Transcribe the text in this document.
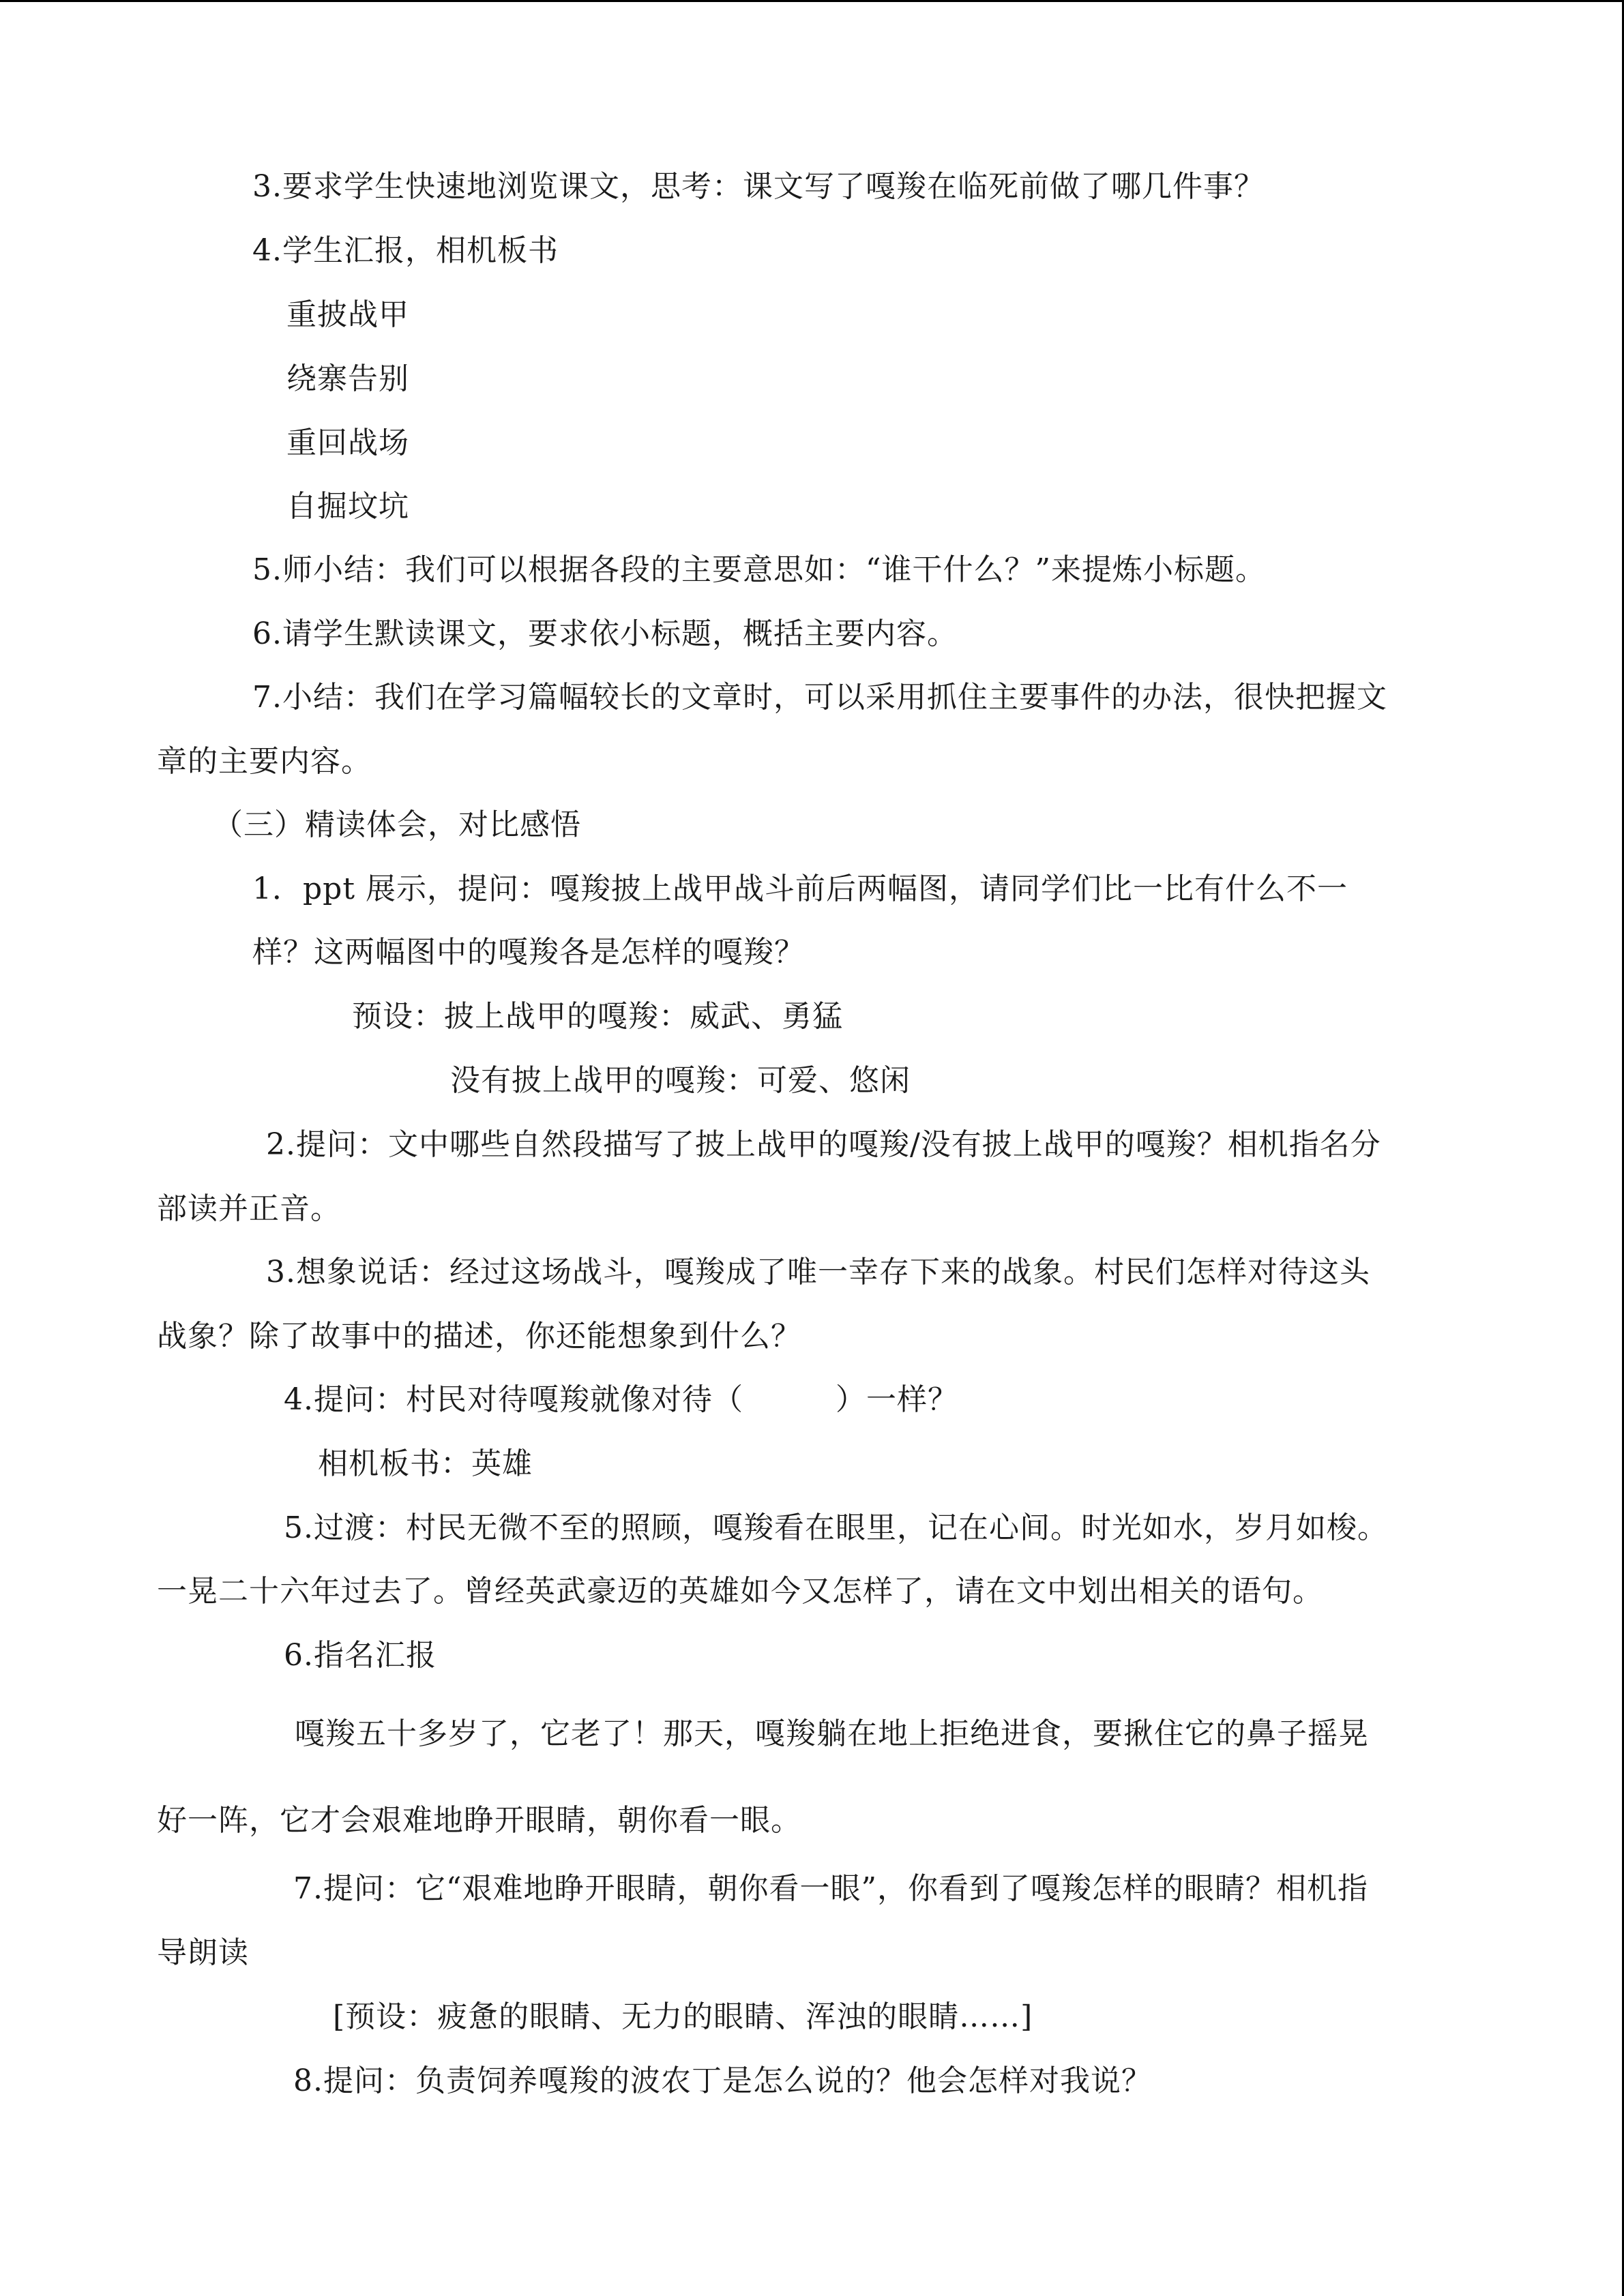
3.要求学生快速地浏览课文，思考：课文写了嘎羧在临死前做了哪几件事？
4.学生汇报，相机板书
重披战甲
绕寨告别
重回战场
自掘坟坑
5.师小结：我们可以根据各段的主要意思如：“谁干什么？”来提炼小标题。
6.请学生默读课文，要求依小标题，概括主要内容。
7.小结：我们在学习篇幅较长的文章时，可以采用抓住主要事件的办法，很快把握文
章的主要内容。
（三）精读体会，对比感悟
1．ppt 展示，提问：嘎羧披上战甲战斗前后两幅图，请同学们比一比有什么不一
样？这两幅图中的嘎羧各是怎样的嘎羧？
预设：披上战甲的嘎羧：威武、勇猛
没有披上战甲的嘎羧：可爱、悠闲
2.提问：文中哪些自然段描写了披上战甲的嘎羧/没有披上战甲的嘎羧？相机指名分
部读并正音。
3.想象说话：经过这场战斗，嘎羧成了唯一幸存下来的战象。村民们怎样对待这头
战象？除了故事中的描述，你还能想象到什么？
4.提问：村民对待嘎羧就像对待（　　　）一样？
相机板书：英雄
5.过渡：村民无微不至的照顾，嘎羧看在眼里，记在心间。时光如水，岁月如梭。
一晃二十六年过去了。曾经英武豪迈的英雄如今又怎样了，请在文中划出相关的语句。
6.指名汇报
嘎羧五十多岁了，它老了！那天，嘎羧躺在地上拒绝进食，要揪住它的鼻子摇晃
好一阵，它才会艰难地睁开眼睛，朝你看一眼。
7.提问：它“艰难地睁开眼睛，朝你看一眼”，你看到了嘎羧怎样的眼睛？相机指
导朗读
[预设：疲惫的眼睛、无力的眼睛、浑浊的眼睛……]
8.提问：负责饲养嘎羧的波农丁是怎么说的？他会怎样对我说？
